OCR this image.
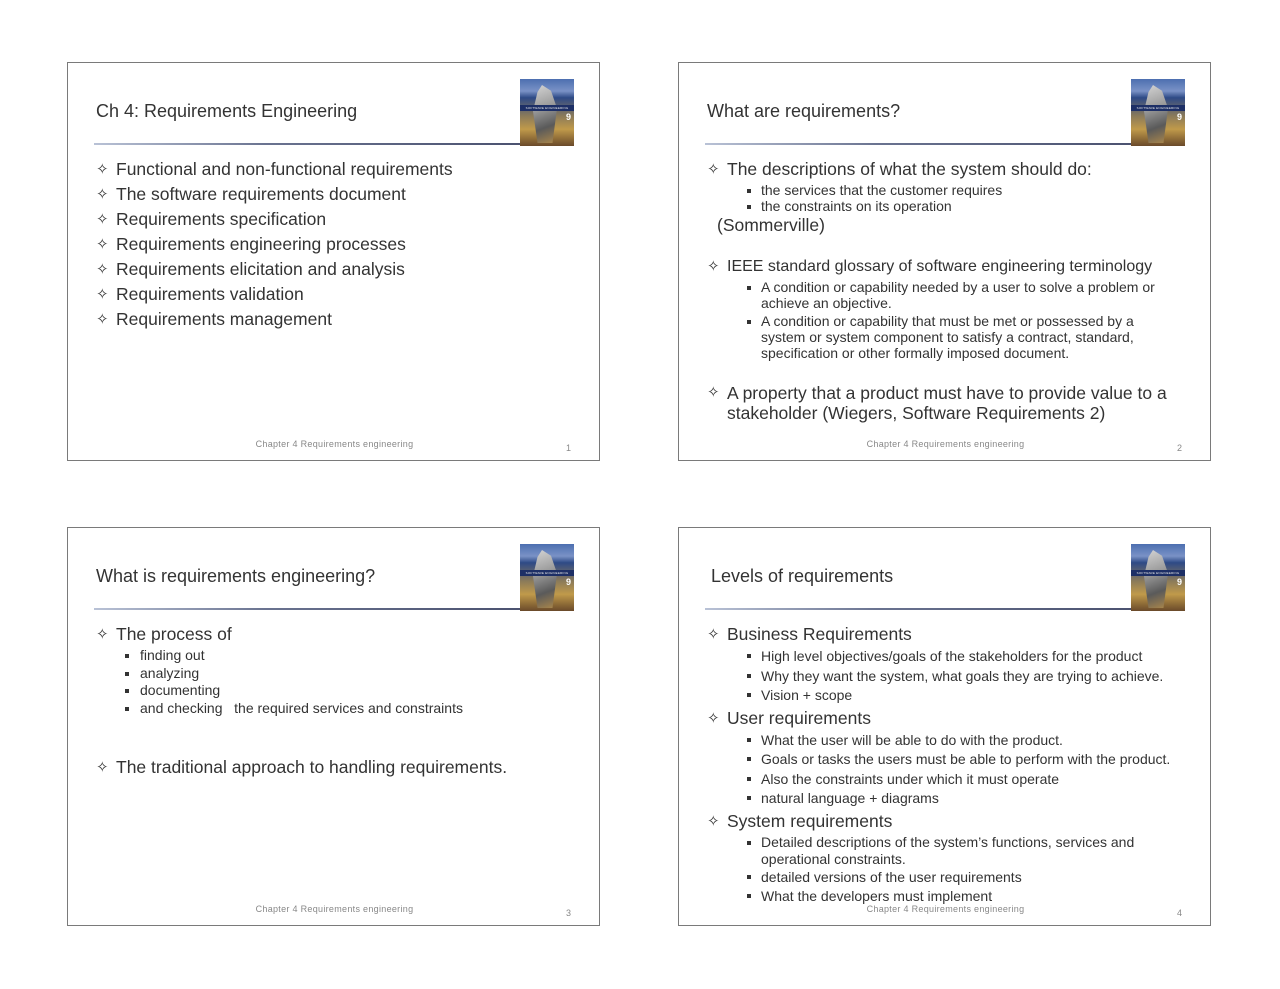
Ch 4: Requirements Engineering	SOFTWARE ENGINEERING
9
✧ Functional and non-functional requirements
✧ The software requirements document
✧ Requirements specification
✧ Requirements engineering processes
✧ Requirements elicitation and analysis
✧ Requirements validation
✧ Requirements management
Chapter 4 Requirements engineering	1
What are requirements?	SOFTWARE ENGINEERING
9
✧ The descriptions of what the system should do:
the services that the customer requires
the constraints on its operation
(Sommerville)
✧ IEEE standard glossary of software engineering terminology
A condition or capability needed by a user to solve a problem or achieve an objective.
A condition or capability that must be met or possessed by a system or system component to satisfy a contract, standard, specification or other formally imposed document.
✧ A property that a product must have to provide value to a stakeholder (Wiegers, Software Requirements 2)
Chapter 4 Requirements engineering	2
What is requirements engineering?	SOFTWARE ENGINEERING
9
✧ The process of
finding out
analyzing
documenting
and checking   the required services and constraints
✧ The traditional approach to handling requirements.
Chapter 4 Requirements engineering	3
Levels of requirements	SOFTWARE ENGINEERING
9
✧ Business Requirements
High level objectives/goals of the stakeholders for the product
Why they want the system, what goals they are trying to achieve.
Vision + scope
✧ User requirements
What the user will be able to do with the product.
Goals or tasks the users must be able to perform with the product.
Also the constraints under which it must operate
natural language + diagrams
✧ System requirements
Detailed descriptions of the system’s functions, services and operational constraints.
detailed versions of the user requirements
What the developers must implement
Chapter 4 Requirements engineering	4
